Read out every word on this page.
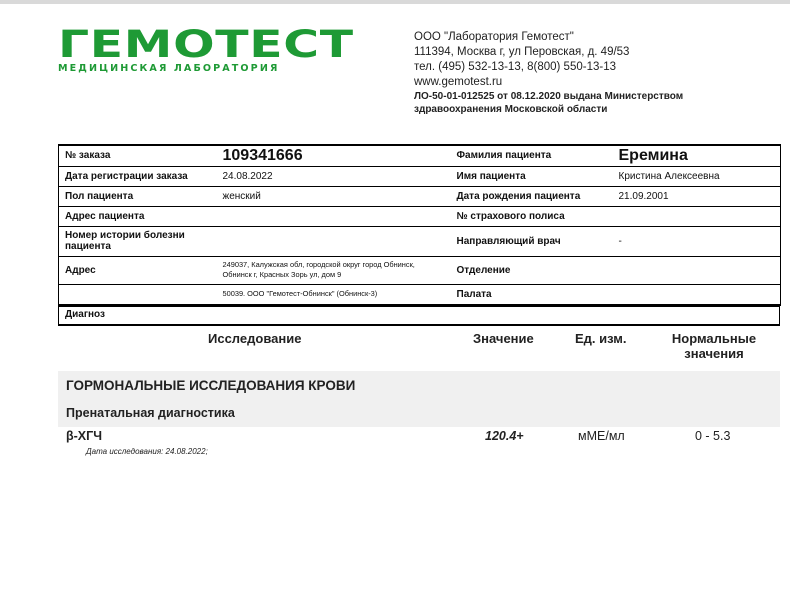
ГЕМОТЕСТ
МЕДИЦИНСКАЯ ЛАБОРАТОРИЯ
ООО "Лаборатория Гемотест"
111394, Москва г, ул Перовская, д. 49/53
тел. (495) 532-13-13, 8(800) 550-13-13
www.gemotest.ru
ЛО-50-01-012525 от 08.12.2020 выдана Министерством здравоохранения Московской области
№ заказа	109341666	Фамилия пациента	Еремина
Дата регистрации заказа	24.08.2022	Имя пациента	Кристина Алексеевна
Пол пациента	женский	Дата рождения пациента	21.09.2001
Адрес пациента		№ страхового полиса	
Номер истории болезни пациента		Направляющий врач	-
Адрес	249037, Калужская обл, городской округ город Обнинск, Обнинск г, Красных Зорь ул, дом 9	Отделение	
	50039. ООО "Гемотест-Обнинск" (Обнинск-3)	Палата	
Диагноз
Исследование	Значение	Ед. изм.	Нормальные
значения
ГОРМОНАЛЬНЫЕ ИССЛЕДОВАНИЯ КРОВИ
Пренатальная диагностика
β-ХГЧ	120.4+	мМЕ/мл	0 - 5.3
Дата исследования: 24.08.2022;
